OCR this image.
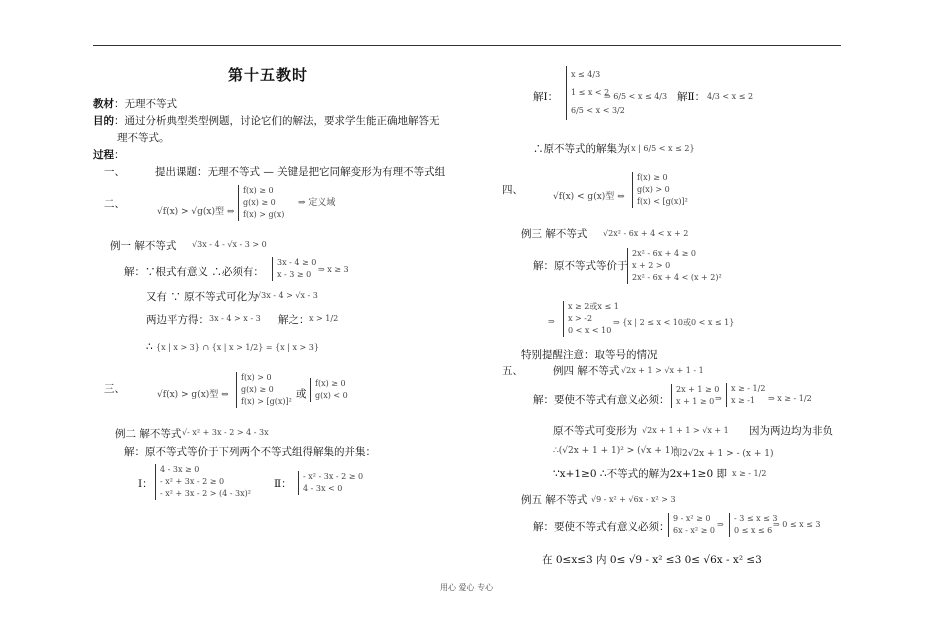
第十五教时
教材：无理不等式
目的：通过分析典型类型例题，讨论它们的解法，要求学生能正确地解答无
理不等式。
过程：
一、	提出课题：无理不等式 — 关键是把它同解变形为有理不等式组
二、
√f(x) > √g(x)型 ⇔
f(x) ≥ 0
g(x) ≥ 0
f(x) > g(x)
⇒ 定义域
例一 解不等式 √3x - 4 - √x - 3 > 0
解：∵根式有意义 ∴必须有：
3x - 4 ≥ 0
x - 3 ≥ 0
⇒ x ≥ 3
又有 ∵ 原不等式可化为
√3x - 4 > √x - 3
两边平方得： 3x - 4 > x - 3 解之： x > 1/2
∴ {x | x > 3} ∩ {x | x > 1/2} = {x | x > 3}
三、	√f(x) > g(x)型 ⇔
f(x) > 0
g(x) ≥ 0
f(x) > [g(x)]²
或
f(x) ≥ 0
g(x) < 0
例二 解不等式 √- x² + 3x - 2 > 4 - 3x
解：原不等式等价于下列两个不等式组得解集的并集：
Ⅰ：
4 - 3x ≥ 0
- x² + 3x - 2 ≥ 0
- x² + 3x - 2 > (4 - 3x)²
Ⅱ：
- x² - 3x - 2 ≥ 0
4 - 3x < 0
解Ⅰ：
x ≤ 4/3
1 ≤ x < 2
6/5 < x < 3/2
⇒ 6/5 < x ≤ 4/3 解Ⅱ： 4/3 < x ≤ 2
∴原不等式的解集为
{x | 6/5 < x ≤ 2}
四、
√f(x) < g(x)型 ⇔
f(x) ≥ 0
g(x) > 0
f(x) < [g(x)]²
例三 解不等式 √2x² - 6x + 4 < x + 2
解：原不等式等价于
2x² - 6x + 4 ≥ 0
x + 2 > 0
2x² - 6x + 4 < (x + 2)²
⇒
x ≥ 2或x ≤ 1
x > -2
0 < x < 10
⇒ {x | 2 ≤ x < 10或0 < x ≤ 1}
特别提醒注意：取等号的情况
五、	例四 解不等式 √2x + 1 > √x + 1 - 1
解：要使不等式有意义必须：
2x + 1 ≥ 0
x + 1 ≥ 0 ⇒
x ≥ - 1/2
x ≥ -1	⇒ x ≥ - 1/2
原不等式可变形为 √2x + 1 + 1 > √x + 1 因为两边均为非负
∴(√2x + 1 + 1)² > (√x + 1)²
即2√2x + 1 > - (x + 1)
∵x+1≥0 ∴不等式的解为2x+1≥0 即 x ≥ - 1/2
例五 解不等式 √9 - x² + √6x - x² > 3
解：要使不等式有意义必须：
9 - x² ≥ 0
6x - x² ≥ 0
⇒
- 3 ≤ x ≤ 3
0 ≤ x ≤ 6
⇒ 0 ≤ x ≤ 3
在 0≤x≤3 内 0≤ √9 - x² ≤3 0≤ √6x - x² ≤3
用心 爱心 专心
